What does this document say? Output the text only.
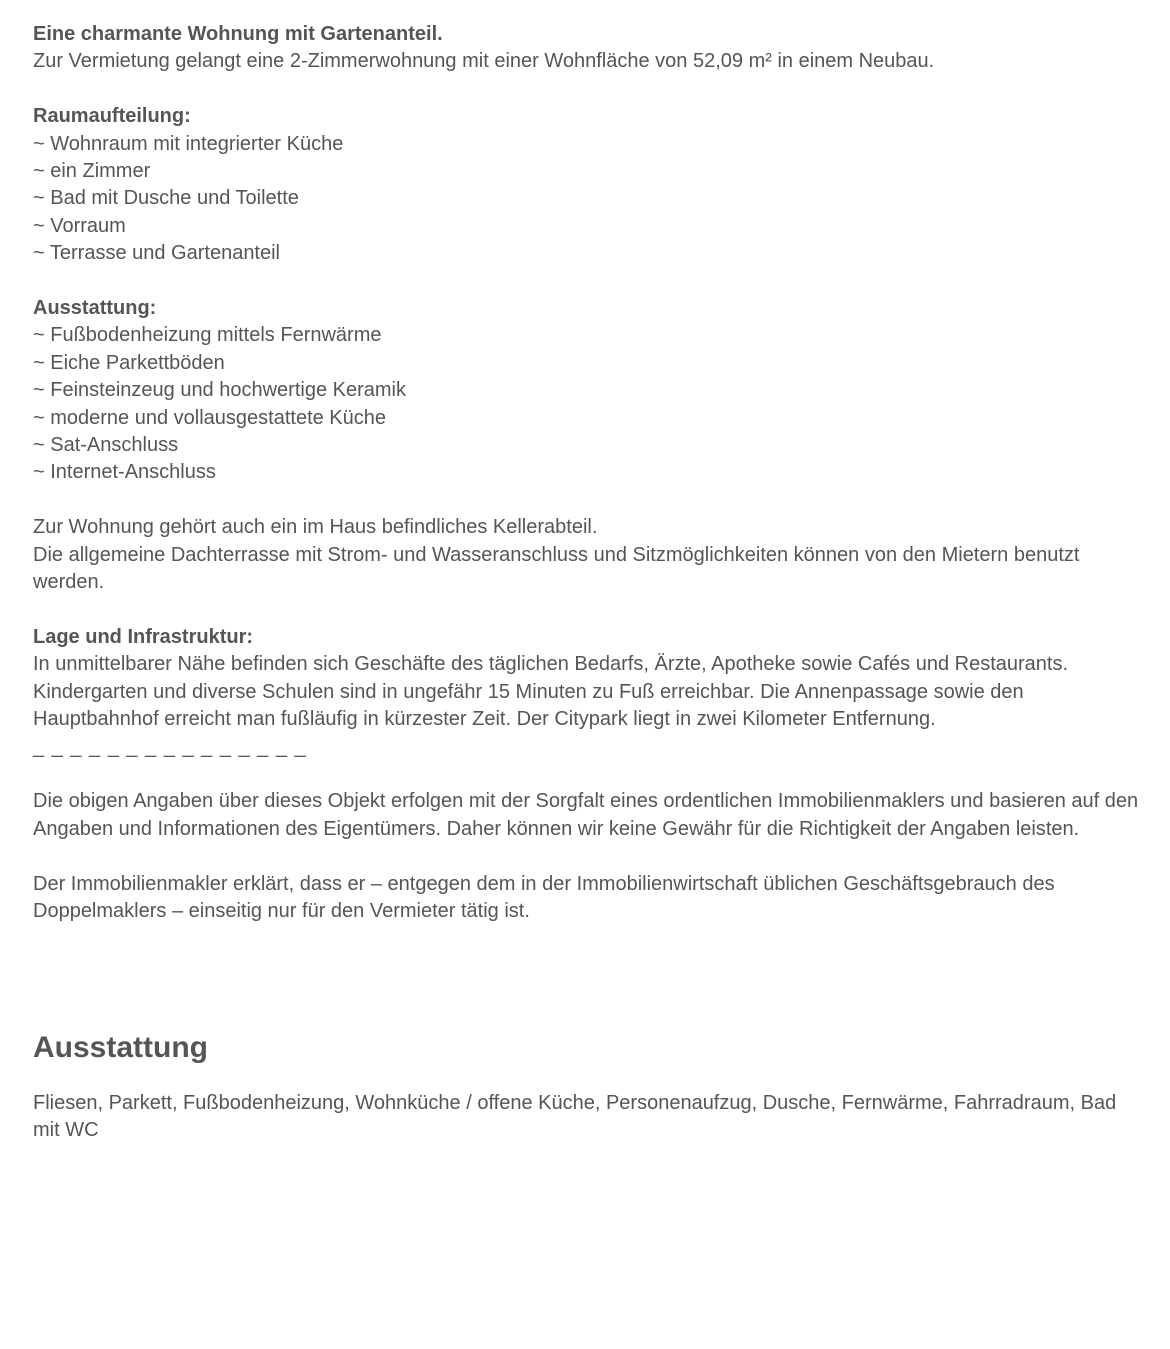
Eine charmante Wohnung mit Gartenanteil.
Zur Vermietung gelangt eine 2-Zimmerwohnung mit einer Wohnfläche von 52,09 m² in einem Neubau.
Raumaufteilung:
~ Wohnraum mit integrierter Küche
~ ein Zimmer
~ Bad mit Dusche und Toilette
~ Vorraum
~ Terrasse und Gartenanteil
Ausstattung:
~ Fußbodenheizung mittels Fernwärme
~ Eiche Parkettböden
~ Feinsteinzeug und hochwertige Keramik
~ moderne und vollausgestattete Küche
~ Sat-Anschluss
~ Internet-Anschluss
Zur Wohnung gehört auch ein im Haus befindliches Kellerabteil.
Die allgemeine Dachterrasse mit Strom- und Wasseranschluss und Sitzmöglichkeiten können von den Mietern benutzt werden.
Lage und Infrastruktur:
In unmittelbarer Nähe befinden sich Geschäfte des täglichen Bedarfs, Ärzte, Apotheke sowie Cafés und Restaurants. Kindergarten und diverse Schulen sind in ungefähr 15 Minuten zu Fuß erreichbar. Die Annenpassage sowie den Hauptbahnhof erreicht man fußläufig in kürzester Zeit. Der Citypark liegt in zwei Kilometer Entfernung.
_ _ _ _ _ _ _ _ _ _ _ _ _ _ _
Die obigen Angaben über dieses Objekt erfolgen mit der Sorgfalt eines ordentlichen Immobilienmaklers und basieren auf den Angaben und Informationen des Eigentümers. Daher können wir keine Gewähr für die Richtigkeit der Angaben leisten.
Der Immobilienmakler erklärt, dass er – entgegen dem in der Immobilienwirtschaft üblichen Geschäftsgebrauch des Doppelmaklers – einseitig nur für den Vermieter tätig ist.
Ausstattung

Fliesen, Parkett, Fußbodenheizung, Wohnküche / offene Küche, Personenaufzug, Dusche, Fernwärme, Fahrradraum, Bad mit WC
